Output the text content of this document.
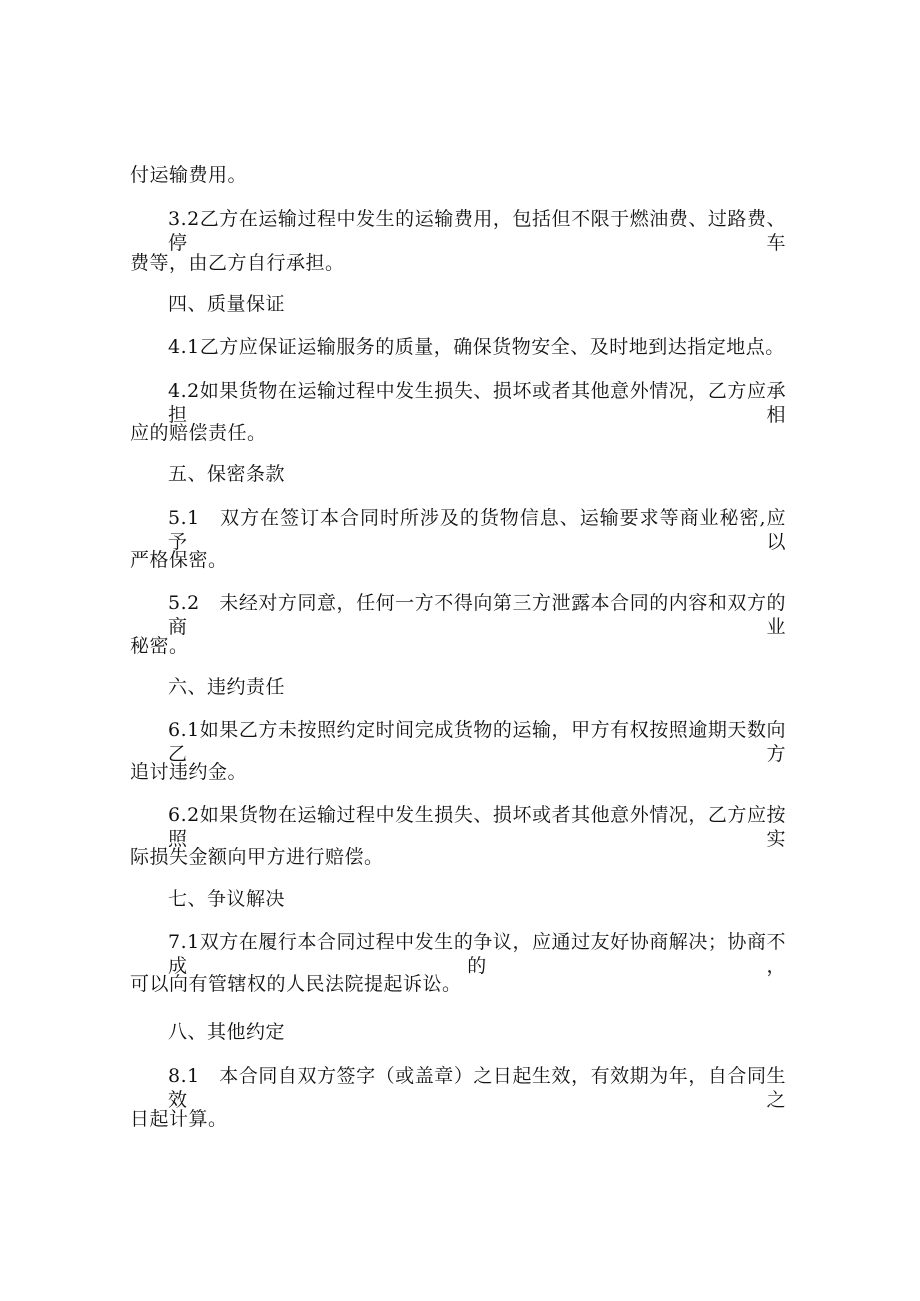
付运输费用。
3.2乙方在运输过程中发生的运输费用，包括但不限于燃油费、过路费、停车
费等，由乙方自行承担。
四、质量保证
4.1乙方应保证运输服务的质量，确保货物安全、及时地到达指定地点。
4.2如果货物在运输过程中发生损失、损坏或者其他意外情况，乙方应承担相
应的赔偿责任。
五、保密条款
5.1　双方在签订本合同时所涉及的货物信息、运输要求等商业秘密,应予以
严格保密。
5.2　未经对方同意，任何一方不得向第三方泄露本合同的内容和双方的商业
秘密。
六、违约责任
6.1如果乙方未按照约定时间完成货物的运输，甲方有权按照逾期天数向乙方
追讨违约金。
6.2如果货物在运输过程中发生损失、损坏或者其他意外情况，乙方应按照实
际损失金额向甲方进行赔偿。
七、争议解决
7.1双方在履行本合同过程中发生的争议，应通过友好协商解决；协商不成的，
可以向有管辖权的人民法院提起诉讼。
八、其他约定
8.1　本合同自双方签字（或盖章）之日起生效，有效期为年，自合同生效之
日起计算。
